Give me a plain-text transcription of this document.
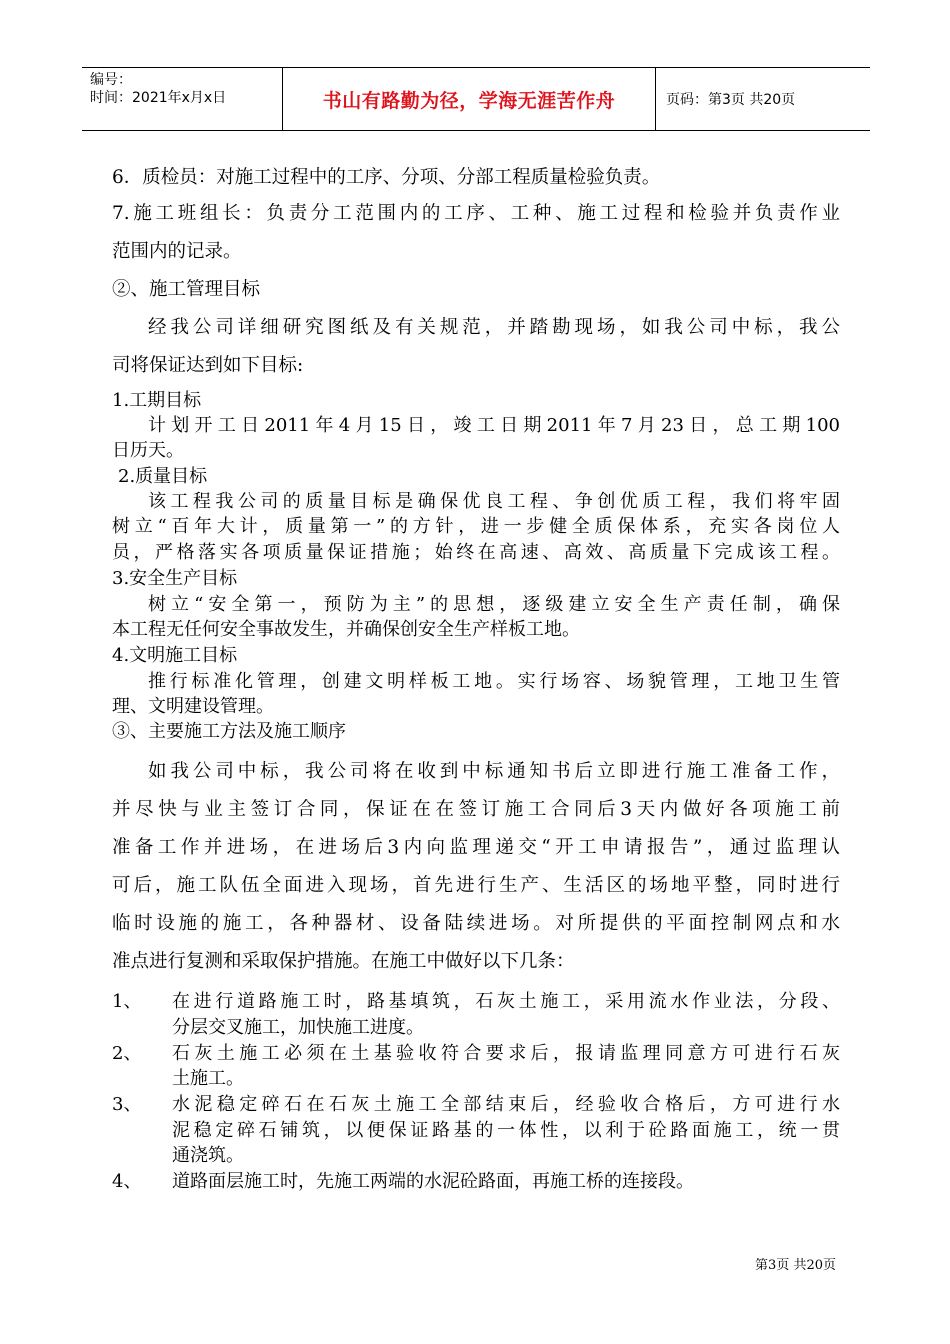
编号：
时间：2021年x月x日	书山有路勤为径，学海无涯苦作舟	页码：第3页 共20页
6．质检员：对施工过程中的工序、分项、分部工程质量检验负责。
7.施工班组长：负责分工范围内的工序、工种、施工过程和检验并负责作业
范围内的记录。
②、施工管理目标
经我公司详细研究图纸及有关规范，并踏勘现场，如我公司中标，我公
司将保证达到如下目标:
1.工期目标
计划开工日2011年4月15日，竣工日期2011年7月23日，总工期100
日历天。
2.质量目标
该工程我公司的质量目标是确保优良工程、争创优质工程，我们将牢固
树立“百年大计，质量第一”的方针，进一步健全质保体系，充实各岗位人
员，严格落实各项质量保证措施；始终在高速、高效、高质量下完成该工程。
3.安全生产目标
树立“安全第一，预防为主”的思想，逐级建立安全生产责任制，确保
本工程无任何安全事故发生，并确保创安全生产样板工地。
4.文明施工目标
推行标准化管理，创建文明样板工地。实行场容、场貌管理，工地卫生管
理、文明建设管理。
③、主要施工方法及施工顺序
如我公司中标，我公司将在收到中标通知书后立即进行施工准备工作，
并尽快与业主签订合同，保证在在签订施工合同后3天内做好各项施工前
准备工作并进场，在进场后3内向监理递交“开工申请报告”，通过监理认
可后，施工队伍全面进入现场，首先进行生产、生活区的场地平整，同时进行
临时设施的施工，各种器材、设备陆续进场。对所提供的平面控制网点和水
准点进行复测和采取保护措施。在施工中做好以下几条：
1、 在进行道路施工时，路基填筑，石灰土施工，采用流水作业法，分段、
分层交叉施工，加快施工进度。
2、 石灰土施工必须在土基验收符合要求后，报请监理同意方可进行石灰
土施工。
3、 水泥稳定碎石在石灰土施工全部结束后，经验收合格后，方可进行水
泥稳定碎石铺筑，以便保证路基的一体性，以利于砼路面施工，统一贯
通浇筑。
4、 道路面层施工时，先施工两端的水泥砼路面，再施工桥的连接段。
第3页 共20页
